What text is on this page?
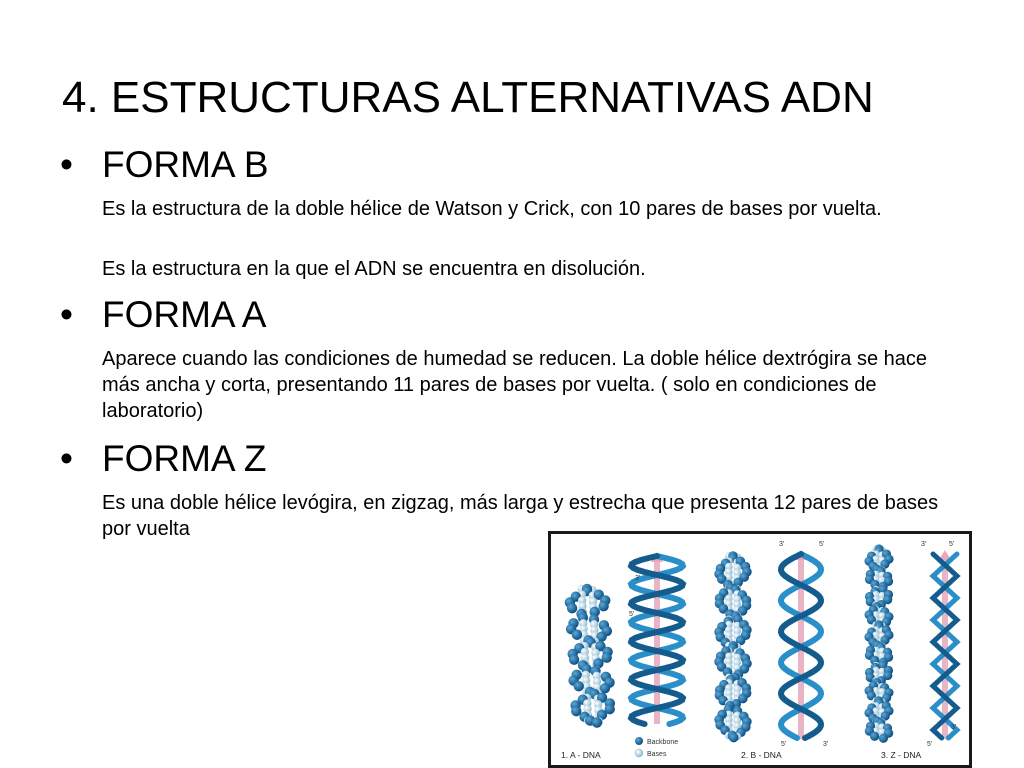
4. ESTRUCTURAS ALTERNATIVAS ADN
• FORMA B
Es la estructura de la doble hélice de Watson y Crick, con 10 pares de bases por vuelta.
Es la estructura en la que el ADN se encuentra en disolución.
• FORMA A
Aparece cuando las condiciones de humedad se reducen. La doble hélice dextrógira se hace más ancha y corta, presentando 11 pares de bases por vuelta. ( solo en condiciones de laboratorio)
• FORMA Z
Es una doble hélice levógira, en zigzag, más larga y estrecha que presenta 12 pares de bases por vuelta
3'
5'
3'	5'	3'	5'
5'	3'	5'
3'
Backbone
Bases
1. A - DNA	2. B - DNA	3. Z - DNA
